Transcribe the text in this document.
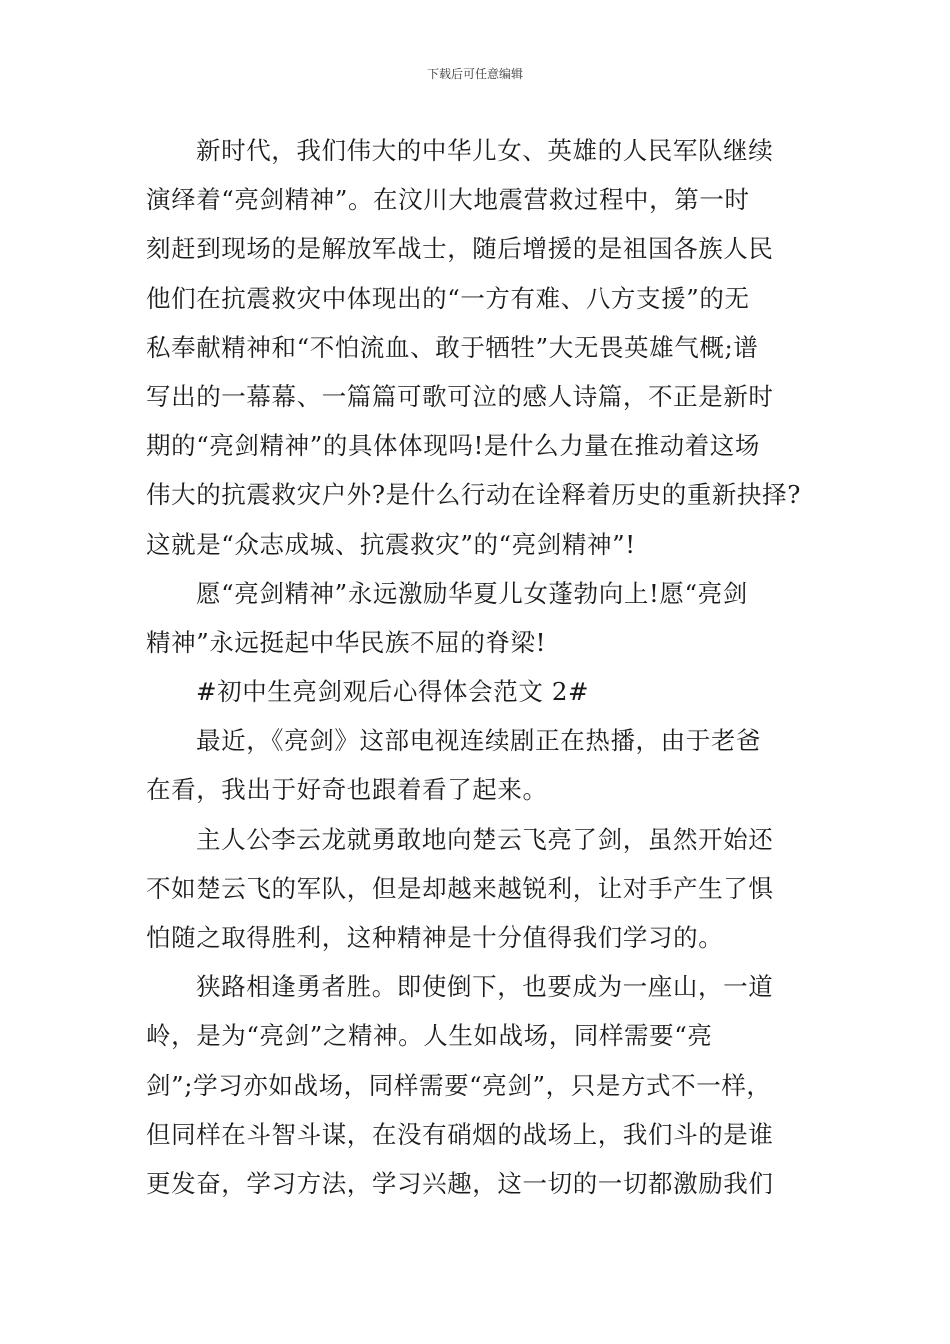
下载后可任意编辑
新时代，我们伟大的中华儿女、英雄的人民军队继续
演绎着“亮剑精神”。在汶川大地震营救过程中，第一时
刻赶到现场的是解放军战士，随后增援的是祖国各族人民
他们在抗震救灾中体现出的“一方有难、八方支援”的无
私奉献精神和“不怕流血、敢于牺牲”大无畏英雄气概;谱
写出的一幕幕、一篇篇可歌可泣的感人诗篇，不正是新时
期的“亮剑精神”的具体体现吗!是什么力量在推动着这场
伟大的抗震救灾户外?是什么行动在诠释着历史的重新抉择?
这就是“众志成城、抗震救灾”的“亮剑精神”!
愿“亮剑精神”永远激励华夏儿女蓬勃向上!愿“亮剑
精神”永远挺起中华民族不屈的脊梁!
#初中生亮剑观后心得体会范文 2#
最近，《亮剑》这部电视连续剧正在热播，由于老爸
在看，我出于好奇也跟着看了起来。
主人公李云龙就勇敢地向楚云飞亮了剑，虽然开始还
不如楚云飞的军队，但是却越来越锐利，让对手产生了惧
怕随之取得胜利，这种精神是十分值得我们学习的。
狭路相逢勇者胜。即使倒下，也要成为一座山，一道
岭，是为“亮剑”之精神。人生如战场，同样需要“亮
剑”;学习亦如战场，同样需要“亮剑”，只是方式不一样，
但同样在斗智斗谋，在没有硝烟的战场上，我们斗的是谁
更发奋，学习方法，学习兴趣，这一切的一切都激励我们
